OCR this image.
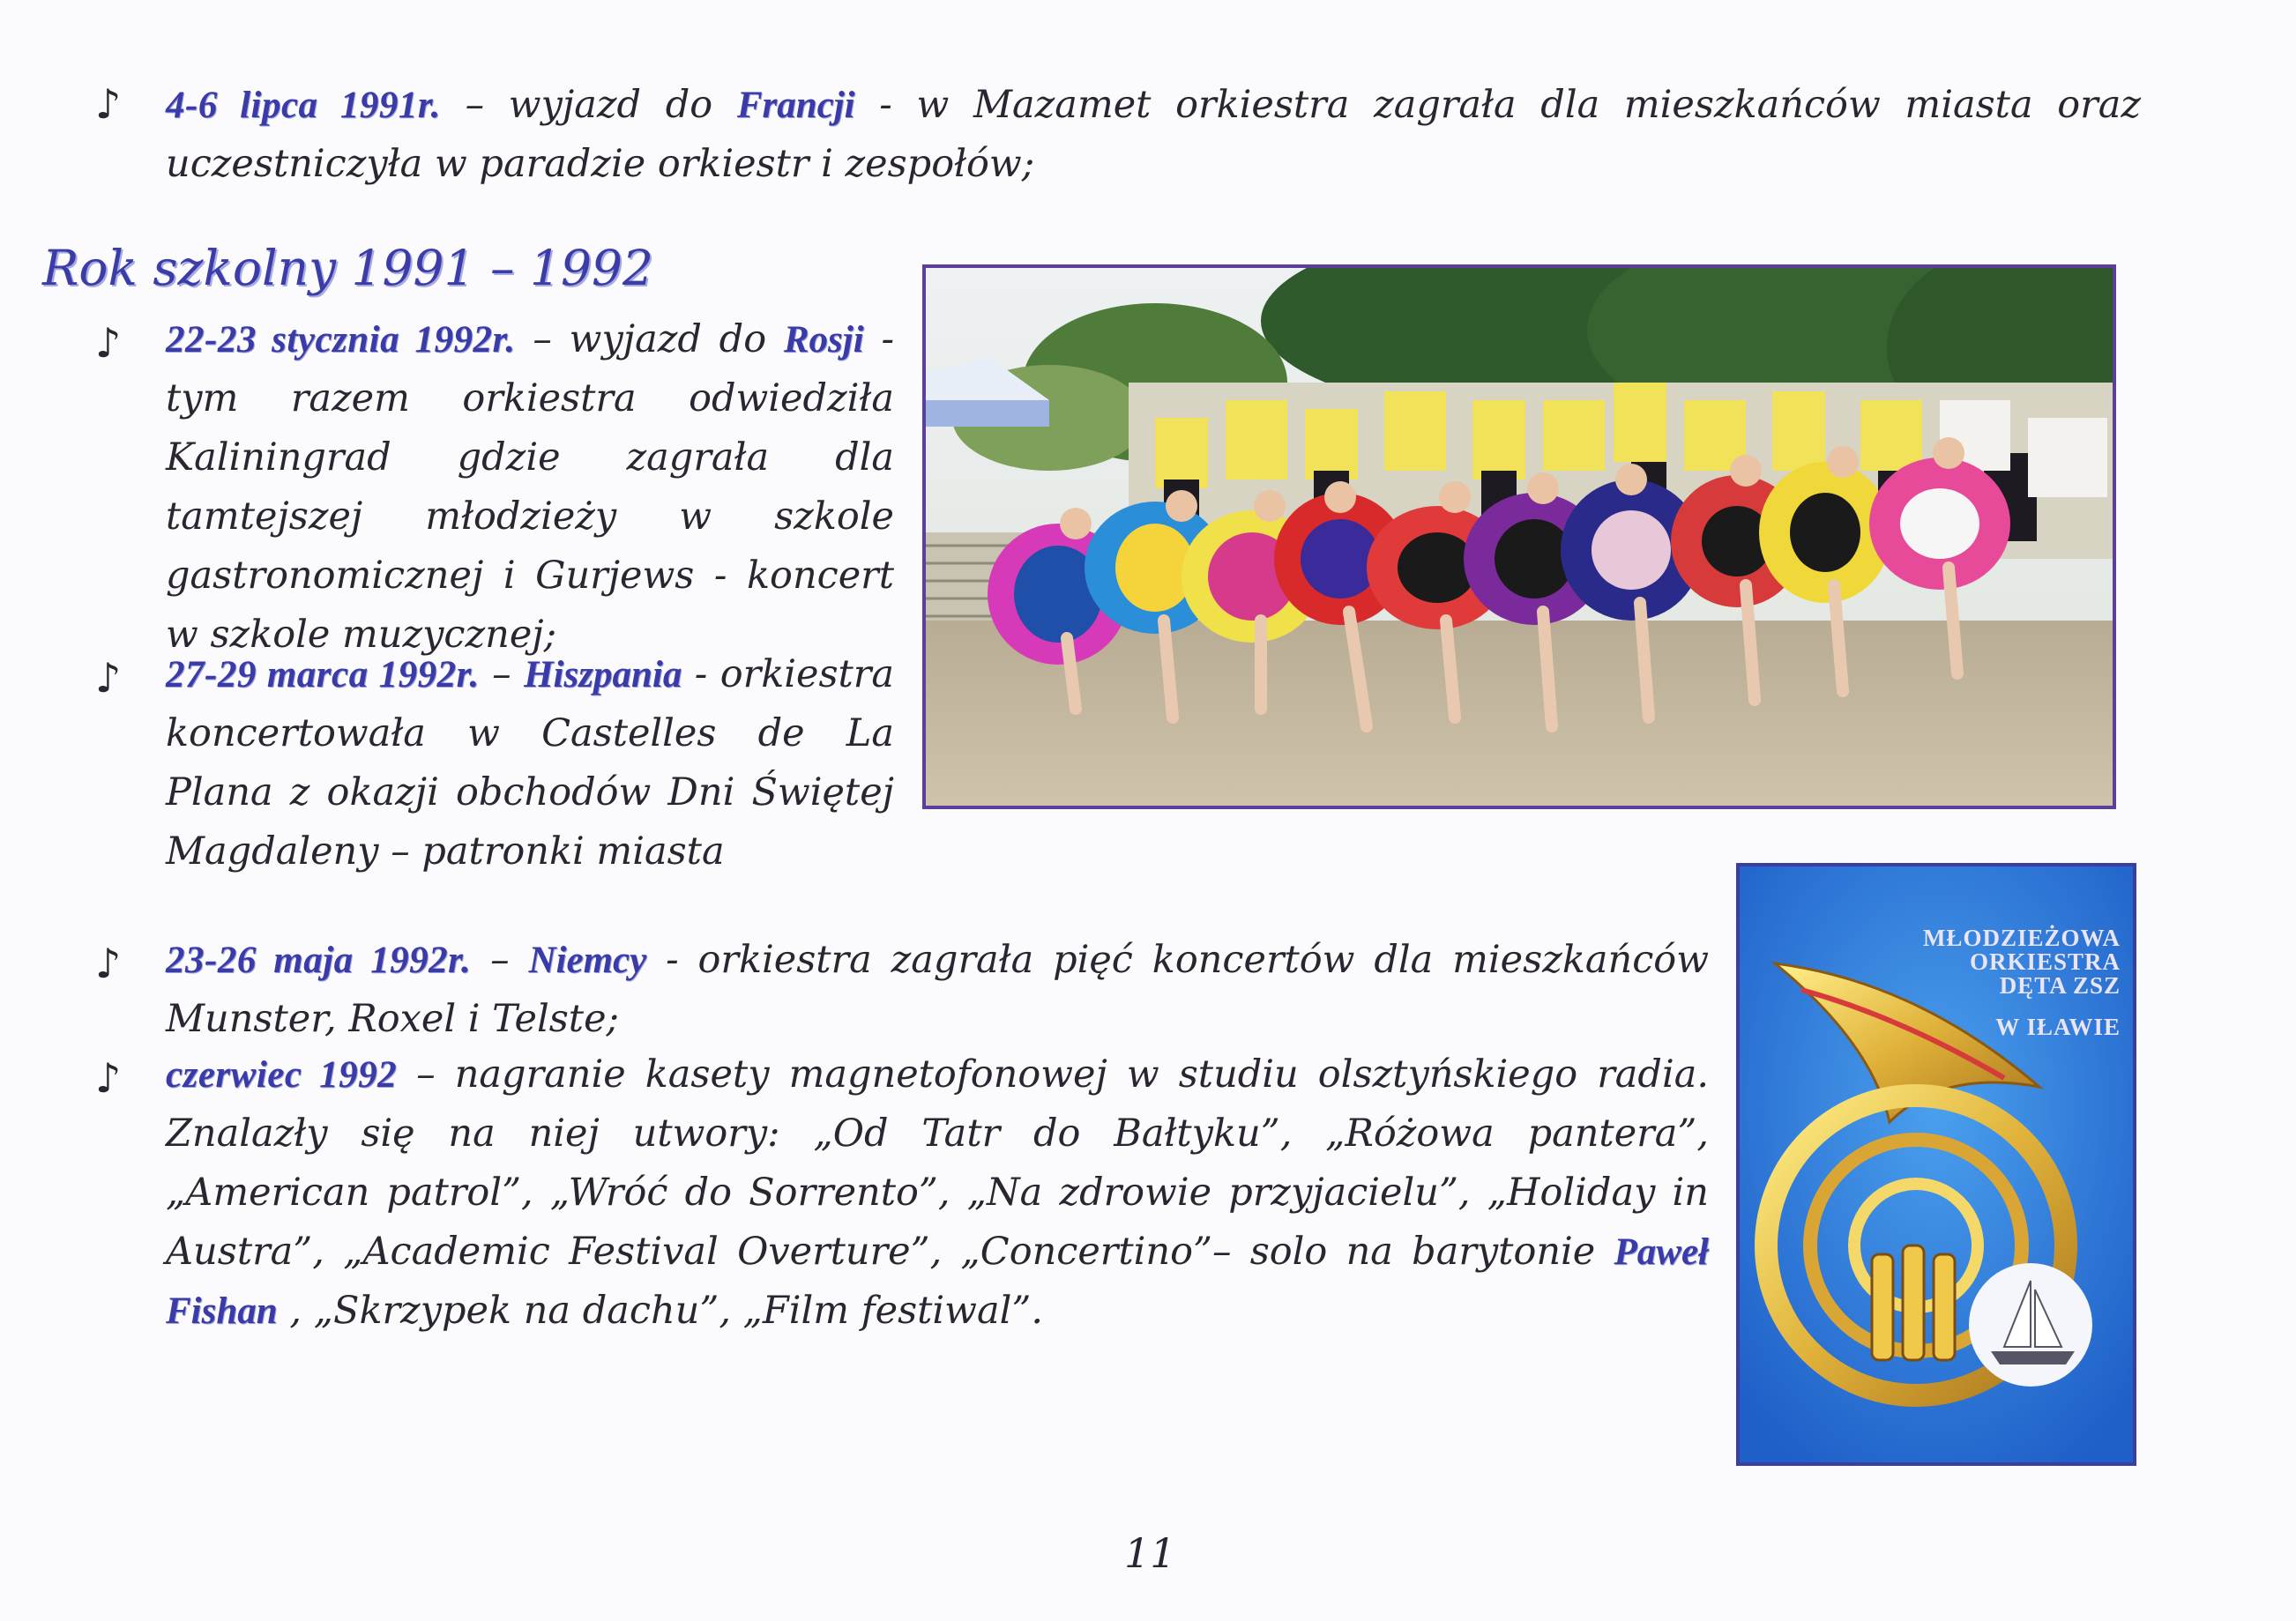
♪ 4-6 lipca 1991r. – wyjazd do Francji - w Mazamet orkiestra zagrała dla mieszkańców miasta oraz uczestniczyła w paradzie orkiestr i zespołów;
Rok szkolny 1991 – 1992
♪ 22-23 stycznia 1992r. – wyjazd do Rosji - tym razem orkiestra odwiedziła Kaliningrad gdzie zagrała dla tamtejszej młodzieży w szkole gastronomicznej i Gurjews - koncert w szkole muzycznej;
♪ 27-29 marca 1992r. – Hiszpania - orkiestra koncertowała w Castelles de La Plana z okazji obchodów Dni Świętej Magdaleny – patronki miasta
♪ 23-26 maja 1992r. – Niemcy - orkiestra zagrała pięć koncertów dla mieszkańców Munster, Roxel i Telste;
♪ czerwiec 1992 – nagranie kasety magnetofonowej w studiu olsztyńskiego radia. Znalazły się na niej utwory: „Od Tatr do Bałtyku”, „Różowa pantera”, „American patrol”, „Wróć do Sorrento”, „Na zdrowie przyjacielu”, „Holiday in Austra”, „Academic Festival Overture”, „Concertino”– solo na barytonie Paweł Fishan , „Skrzypek na dachu”, „Film festiwal”.
MŁODZIEŻOWA
ORKIESTRA
DĘTA ZSZ
W IŁAWIE
11
